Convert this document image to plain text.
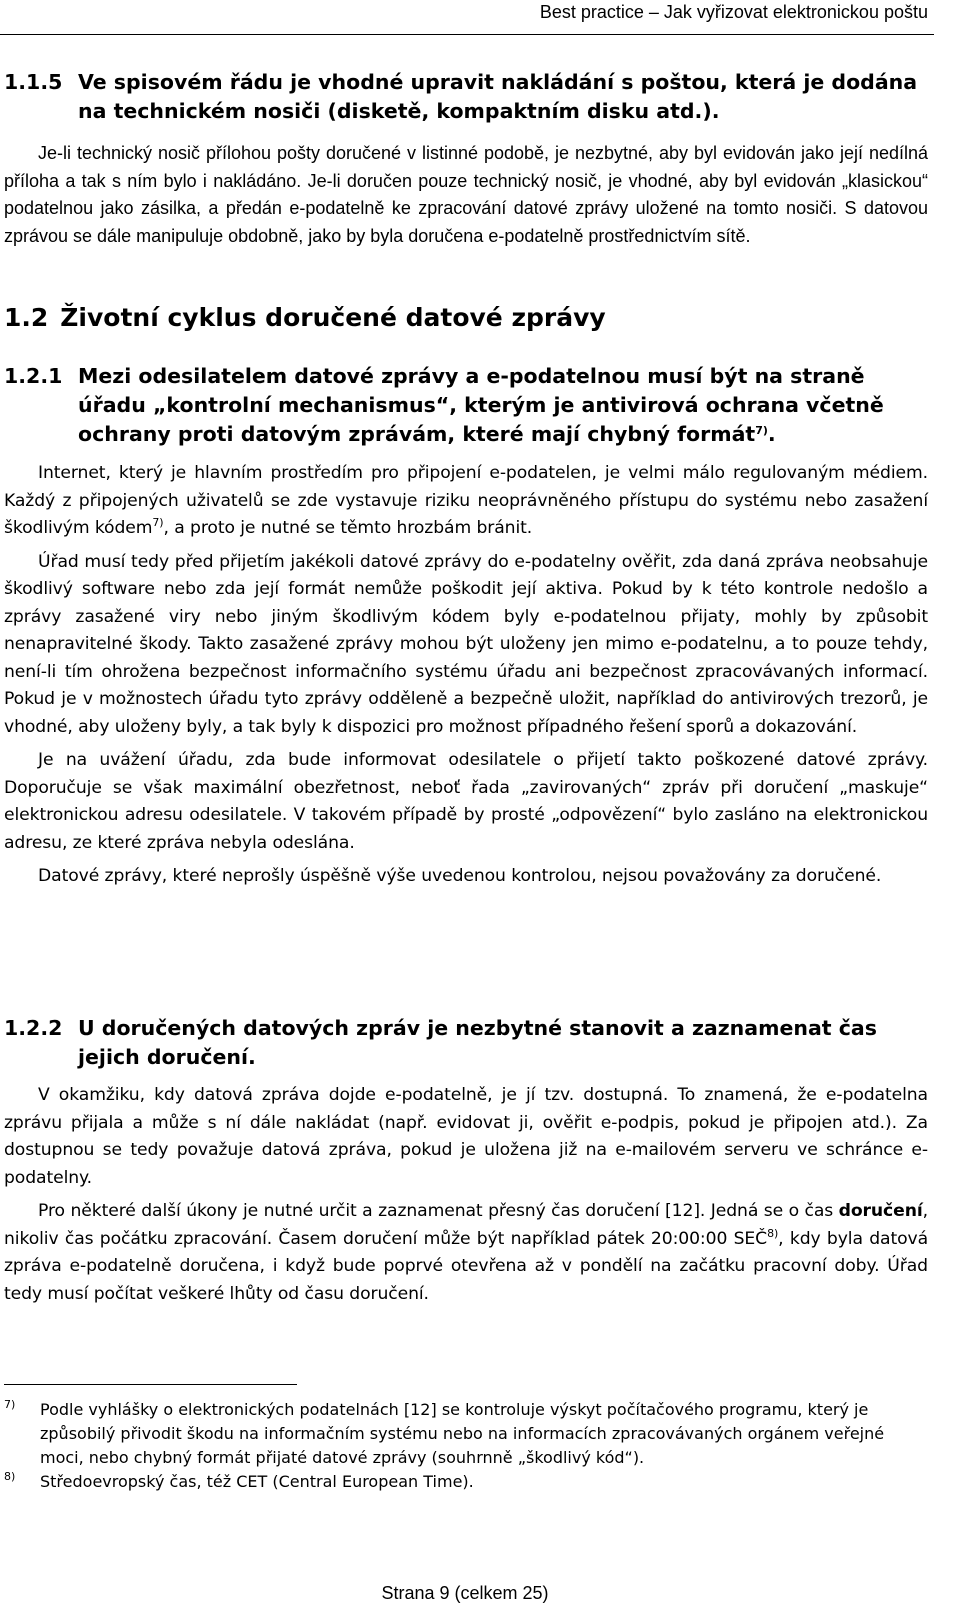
Best practice – Jak vyřizovat elektronickou poštu
1.1.5 Ve spisovém řádu je vhodné upravit nakládání s poštou, která je dodána na technickém nosiči (disketě, kompaktním disku atd.).

Je-li technický nosič přílohou pošty doručené v listinné podobě, je nezbytné, aby byl evidován jako její nedílná příloha a tak s ním bylo i nakládáno. Je-li doručen pouze technický nosič, je vhodné, aby byl evidován „klasickou“ podatelnou jako zásilka, a předán e-podatelně ke zpracování datové zprávy uložené na tomto nosiči. S datovou zprávou se dále manipuluje obdobně, jako by byla doručena e-podatelně prostřednictvím sítě.

1.2 Životní cyklus doručené datové zprávy
1.2.1 Mezi odesilatelem datové zprávy a e-podatelnou musí být na straně úřadu „kontrolní mechanismus“, kterým je antivirová ochrana včetně ochrany proti datovým zprávám, které mají chybný formát$^{7)}$.

Internet, který je hlavním prostředím pro připojení e-podatelen, je velmi málo regulovaným médiem. Každý z připojených uživatelů se zde vystavuje riziku neoprávněného přístupu do systému nebo zasažení škodlivým kódem$^{7)}$, a proto je nutné se těmto hrozbám bránit.

Úřad musí tedy před přijetím jakékoli datové zprávy do e-podatelny ověřit, zda daná zpráva neobsahuje škodlivý software nebo zda její formát nemůže poškodit její aktiva. Pokud by k této kontrole nedošlo a zprávy zasažené viry nebo jiným škodlivým kódem byly e-podatelnou přijaty, mohly by způsobit nenapravitelné škody. Takto zasažené zprávy mohou být uloženy jen mimo e-podatelnu, a to pouze tehdy, není-li tím ohrožena bezpečnost informačního systému úřadu ani bezpečnost zpracovávaných informací. Pokud je v možnostech úřadu tyto zprávy odděleně a bezpečně uložit, například do antivirových trezorů, je vhodné, aby uloženy byly, a tak byly k dispozici pro možnost případného řešení sporů a dokazování.

Je na uvážení úřadu, zda bude informovat odesilatele o přijetí takto poškozené datové zprávy. Doporučuje se však maximální obezřetnost, neboť řada „zavirovaných“ zpráv při doručení „maskuje“ elektronickou adresu odesilatele. V takovém případě by prosté „odpovězení“ bylo zasláno na elektronickou adresu, ze které zpráva nebyla odeslána.

Datové zprávy, které neprošly úspěšně výše uvedenou kontrolou, nejsou považovány za doručené.

1.2.2 U doručených datových zpráv je nezbytné stanovit a zaznamenat čas jejich doručení.

V okamžiku, kdy datová zpráva dojde e-podatelně, je jí tzv. dostupná. To znamená, že e-podatelna zprávu přijala a může s ní dále nakládat (např. evidovat ji, ověřit e-podpis, pokud je připojen atd.). Za dostupnou se tedy považuje datová zpráva, pokud je uložena již na e-mailovém serveru ve schránce e-podatelny.

Pro některé další úkony je nutné určit a zaznamenat přesný čas doručení [12]. Jedná se o čas doručení, nikoliv čas počátku zpracování. Časem doručení může být například pátek 20:00:00 SEČ$^{8)}$, kdy byla datová zpráva e-podatelně doručena, i když bude poprvé otevřena až v pondělí na začátku pracovní doby. Úřad tedy musí počítat veškeré lhůty od času doručení.

7)	Podle vyhlášky o elektronických podatelnách [12] se kontroluje výskyt počítačového programu, který je způsobilý přivodit škodu na informačním systému nebo na informacích zpracovávaných orgánem veřejné moci, nebo chybný formát přijaté datové zprávy (souhrnně „škodlivý kód“).
8)	Středoevropský čas, též CET (Central European Time).
Strana 9 (celkem 25)
